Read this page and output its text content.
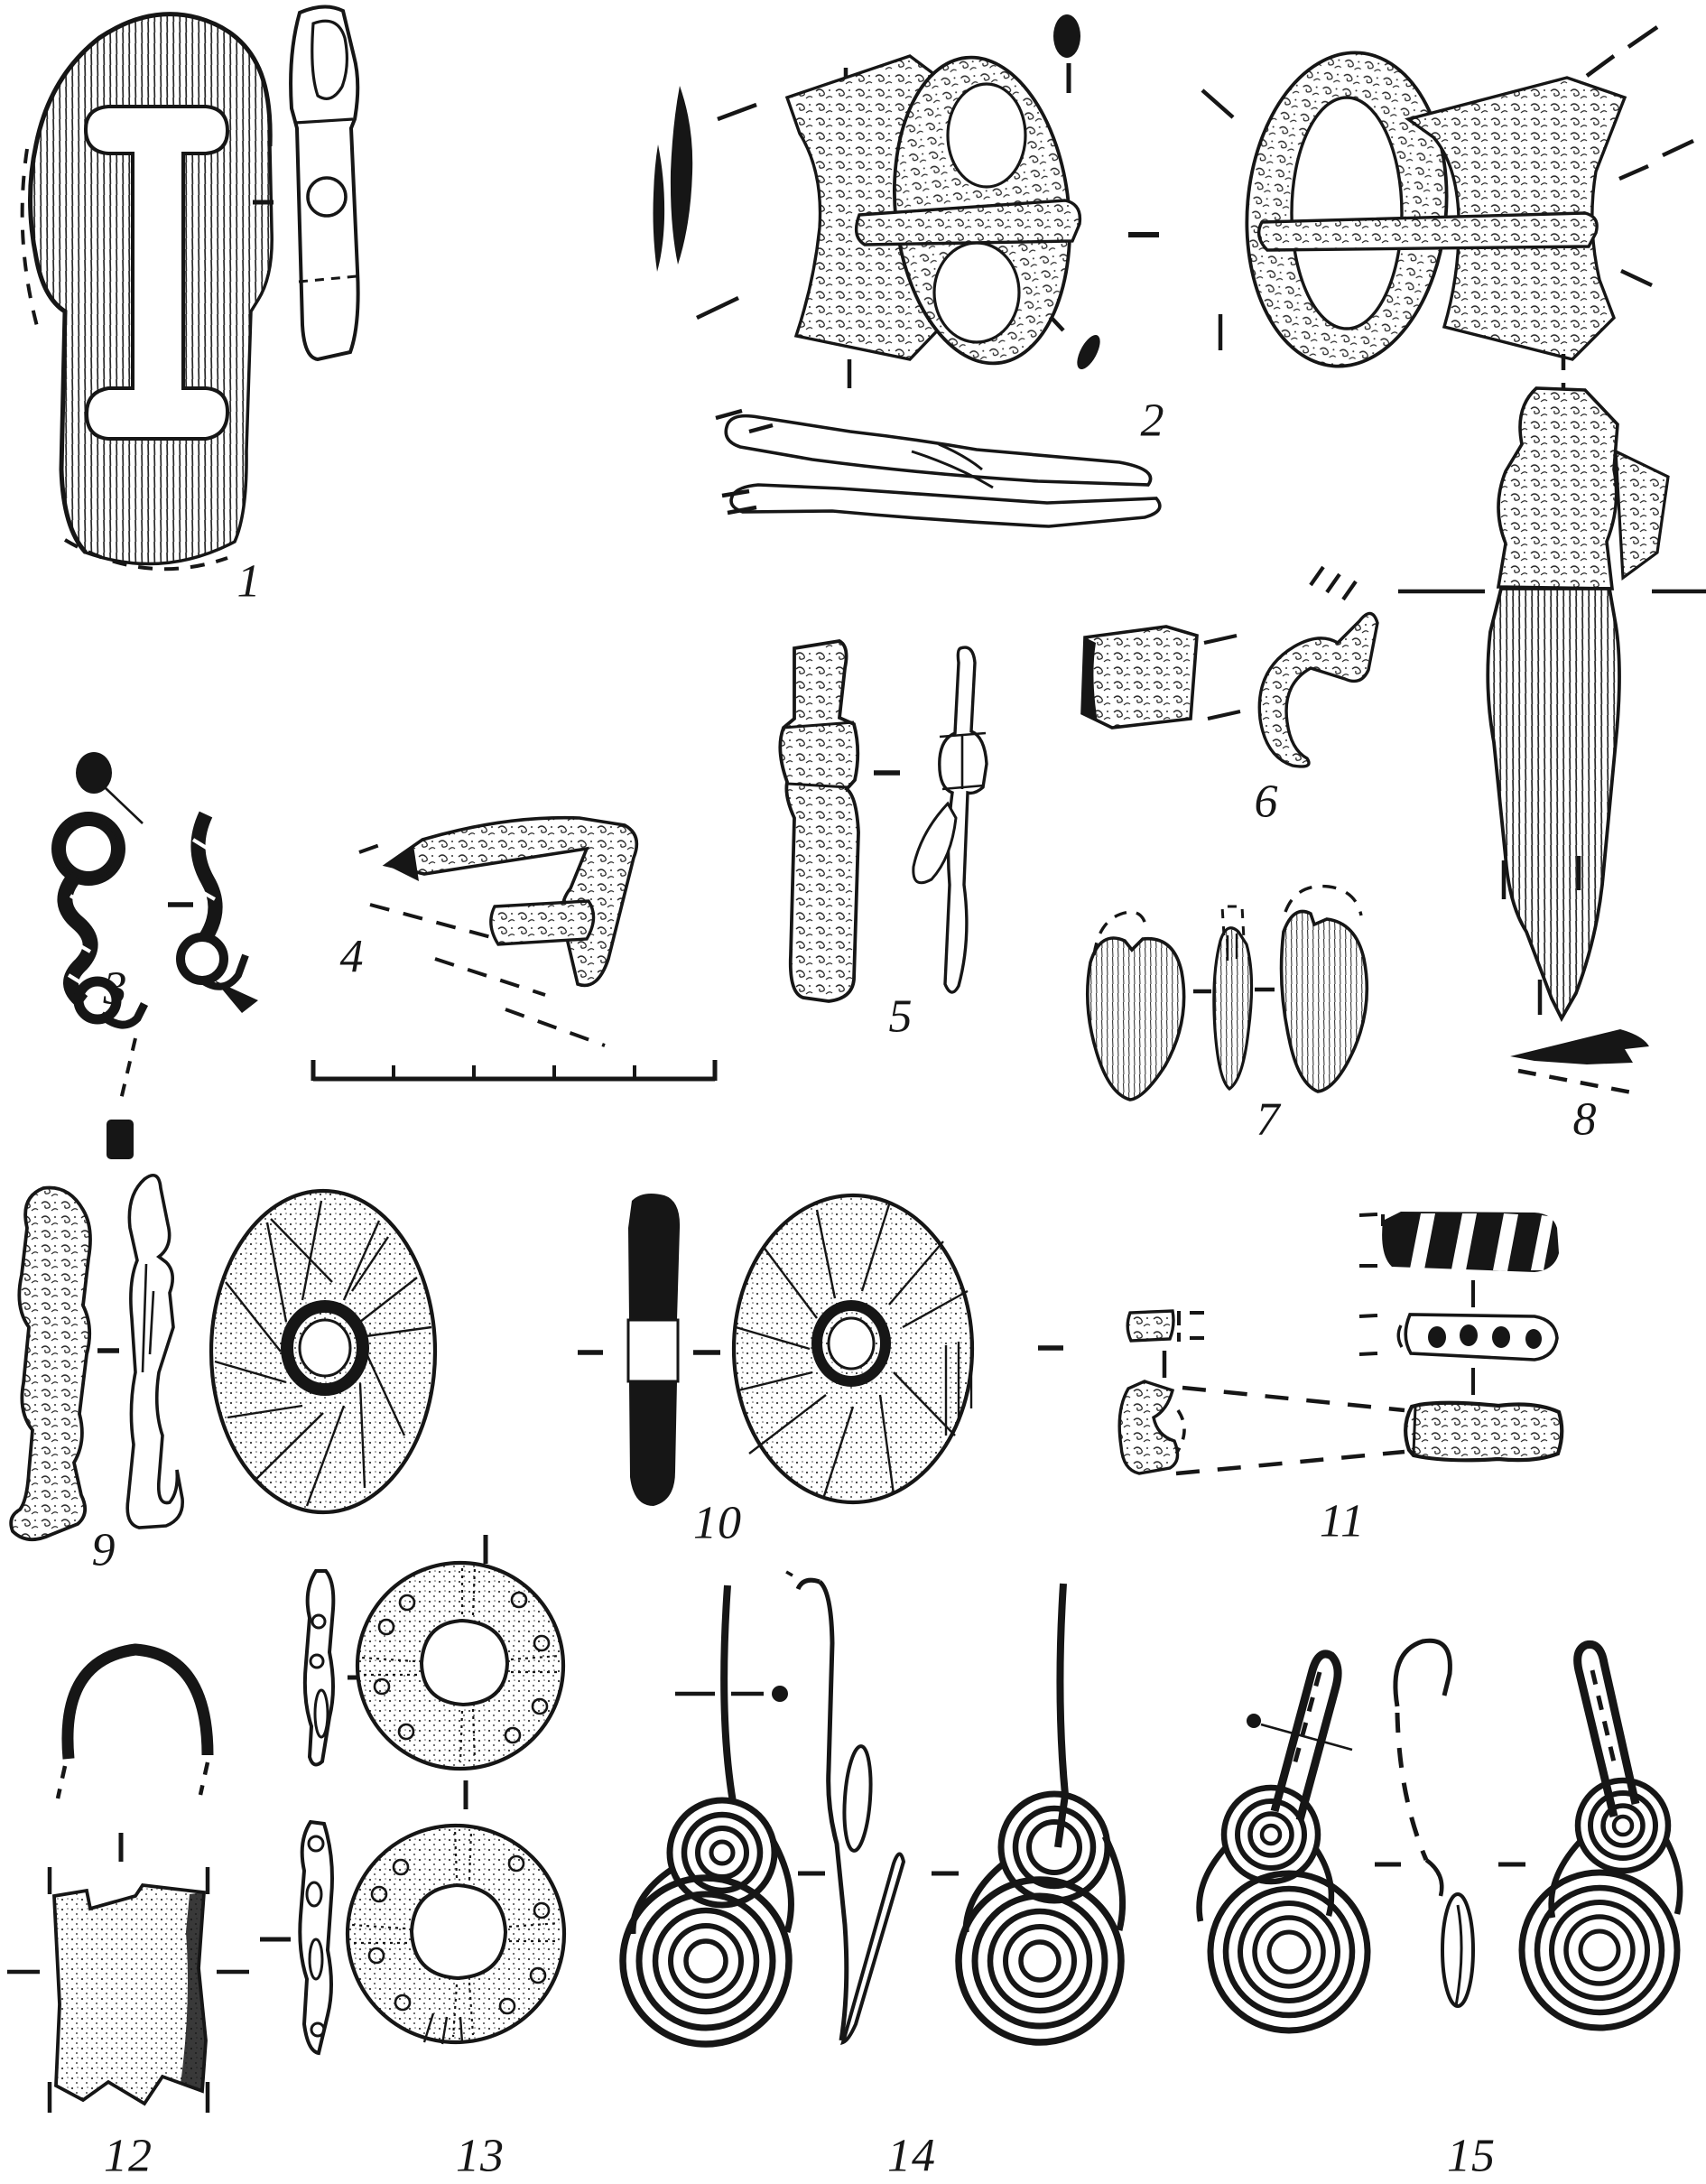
1
2
3
4
5
6
7	8
9
10	11
12	13	14	15
